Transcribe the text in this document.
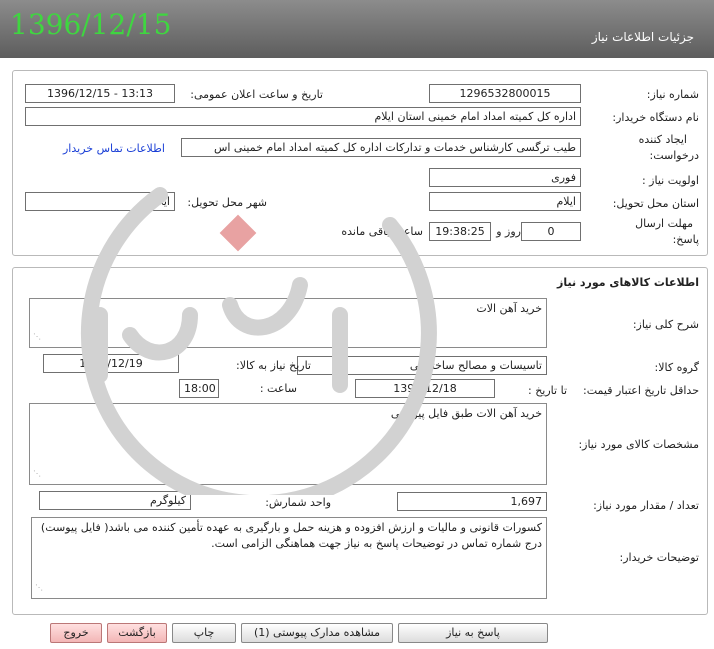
1396/12/15	جزئیات اطلاعات نیاز
شماره نیاز:
1296532800015
تاریخ و ساعت اعلان عمومی:
1396/12/15 - 13:13
نام دستگاه خریدار:
اداره کل کمیته امداد امام خمینی استان ایلام
ایجاد کننده
درخواست:
طیب ترگسی کارشناس خدمات و تدارکات اداره کل کمیته امداد امام خمینی اس
اطلاعات تماس خریدار
اولویت نیاز :
فوری
استان محل تحویل:
ایلام
شهر محل تحویل:
ایلام
مهلت ارسال
پاسخ:
0
روز و
19:38:25
ساعت باقی مانده
اطلاعات کالاهای مورد نیاز
شرح کلی نیاز:
خرید آهن الات
⋰
گروه کالا:
تاسیسات و مصالح ساختمانی
تاریخ نیاز به کالا:
1396/12/19
حداقل تاریخ اعتبار قیمت:
تا تاریخ :
1396/12/18
ساعت :
18:00
مشخصات کالای مورد نیاز:
خرید آهن الات طبق فایل پیوستی
⋰
تعداد / مقدار مورد نیاز:
1,697
واحد شمارش:
کیلوگرم
توضیحات خریدار:
کسورات قانونی و مالیات و ارزش افزوده و هزینه حمل و بارگیری به عهده تأمین کننده می باشد( فایل پیوست) درج شماره تماس در توضیحات پاسخ به نیاز جهت هماهنگی الزامی است.
⋰
پاسخ به نیاز
مشاهده مدارک پیوستی (1)
چاپ
بازگشت
خروج
